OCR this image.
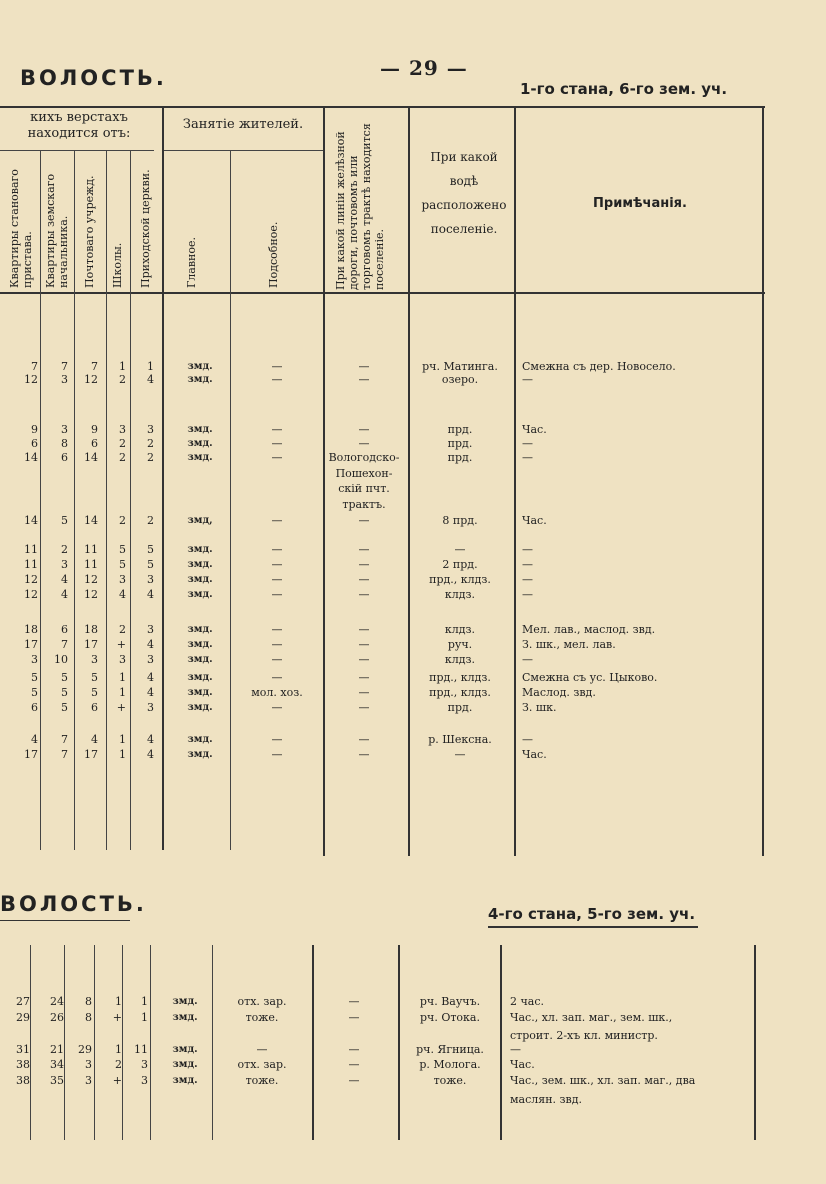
ВОЛОСТЬ.	— 29 —
1-го стана, 6-го зем. уч.
кихъ верстахъ находится отъ:
Занятіе жителей.
При какой водѣ расположено поселеніе.
Примѣчанія.
Квартиры становаго пристава. Квартиры земскаго начальника. Почтоваго учрежд. Школы. Приходской церкви.	Главное.	Подсобное.	При какой линіи желѣзной дороги, почтовомъ или торговомъ трактѣ находится поселеніе.
7	7	7	1	1	змд.	—	—	рч. Матинга.	Смежна съ дер. Новосело.
12	3	12	2	4	змд.	—	—	озеро.	—
9	3	9	3	3	змд.	—	—	прд.	Час.
6	8	6	2	2	змд.	—	—	прд.	—
14	6	14	2	2	змд.	—	Вологодско-	прд.	—
Пошехон-
скій пчт.
трактъ.
14	5	14	2	2	змд,	—	—	8 прд.	Час.
11	2	11	5	5	змд.	—	—	—	—
11	3	11	5	5	змд.	—	—	2 прд.	—
12	4	12	3	3	змд.	—	—	прд., клдз.	—
12	4	12	4	4	змд.	—	—	клдз.	—
18	6	18	2	3	змд.	—	—	клдз.	Мел. лав., маслод. звд.
17	7	17	+	4	змд.	—	—	руч.	З. шк., мел. лав.
3	10	3	3	3	змд.	—	—	клдз.	—
5	5	5	1	4	змд.	—	—	прд., клдз.	Смежна съ ус. Цыково.
5	5	5	1	4	змд.	мол. хоз.	—	прд., клдз.	Маслод. звд.
6	5	6	+	3	змд.	—	—	прд.	З. шк.
4	7	4	1	4	змд.	—	—	р. Шексна.	—
17	7	17	1	4	змд.	—	—	—	Час.
ВОЛОСТЬ.	4-го стана, 5-го зем. уч.
27	24	8	1	1	змд.	отх. зар.	—	рч. Ваучъ.	2 час.
29	26	8	+	1	змд.	тоже.	—	рч. Отока.	Час., хл. зап. маг., зем. шк.,
строит. 2-хъ кл. министр.
31	21	29	1	11	змд.	—	—	рч. Ягница.	—
38	34	3	2	3	змд.	отх. зар.	—	р. Молога.	Час.
38	35	3	+	3	змд.	тоже.	—	тоже.	Час., зем. шк., хл. зап. маг., два
маслян. звд.
